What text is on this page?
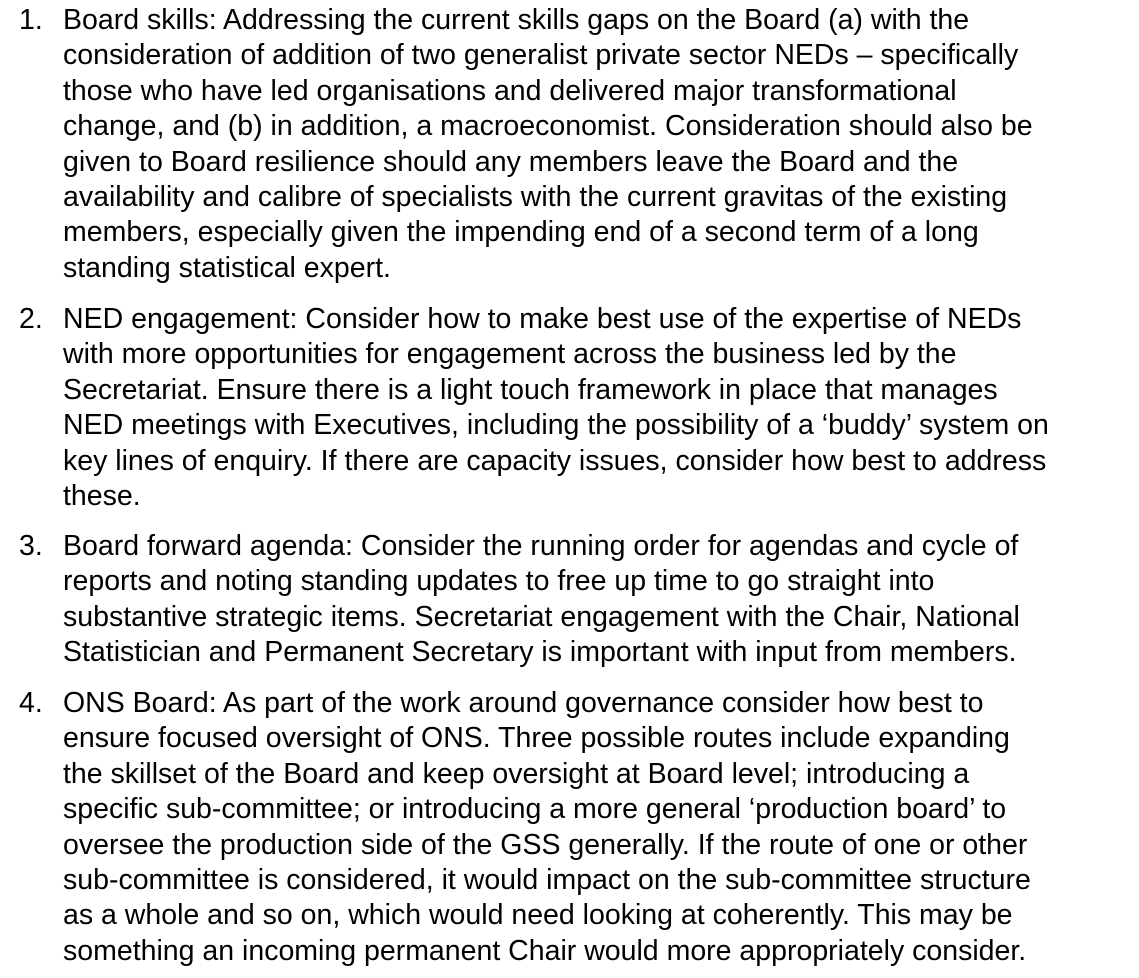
1. Board skills: Addressing the current skills gaps on the Board (a) with the
consideration of addition of two generalist private sector NEDs – specifically
those who have led organisations and delivered major transformational
change, and (b) in addition, a macroeconomist. Consideration should also be
given to Board resilience should any members leave the Board and the
availability and calibre of specialists with the current gravitas of the existing
members, especially given the impending end of a second term of a long
standing statistical expert.
2. NED engagement: Consider how to make best use of the expertise of NEDs
with more opportunities for engagement across the business led by the
Secretariat. Ensure there is a light touch framework in place that manages
NED meetings with Executives, including the possibility of a ‘buddy’ system on
key lines of enquiry. If there are capacity issues, consider how best to address
these.
3. Board forward agenda: Consider the running order for agendas and cycle of
reports and noting standing updates to free up time to go straight into
substantive strategic items. Secretariat engagement with the Chair, National
Statistician and Permanent Secretary is important with input from members.
4. ONS Board: As part of the work around governance consider how best to
ensure focused oversight of ONS. Three possible routes include expanding
the skillset of the Board and keep oversight at Board level; introducing a
specific sub-committee; or introducing a more general ‘production board’ to
oversee the production side of the GSS generally. If the route of one or other
sub-committee is considered, it would impact on the sub-committee structure
as a whole and so on, which would need looking at coherently. This may be
something an incoming permanent Chair would more appropriately consider.
